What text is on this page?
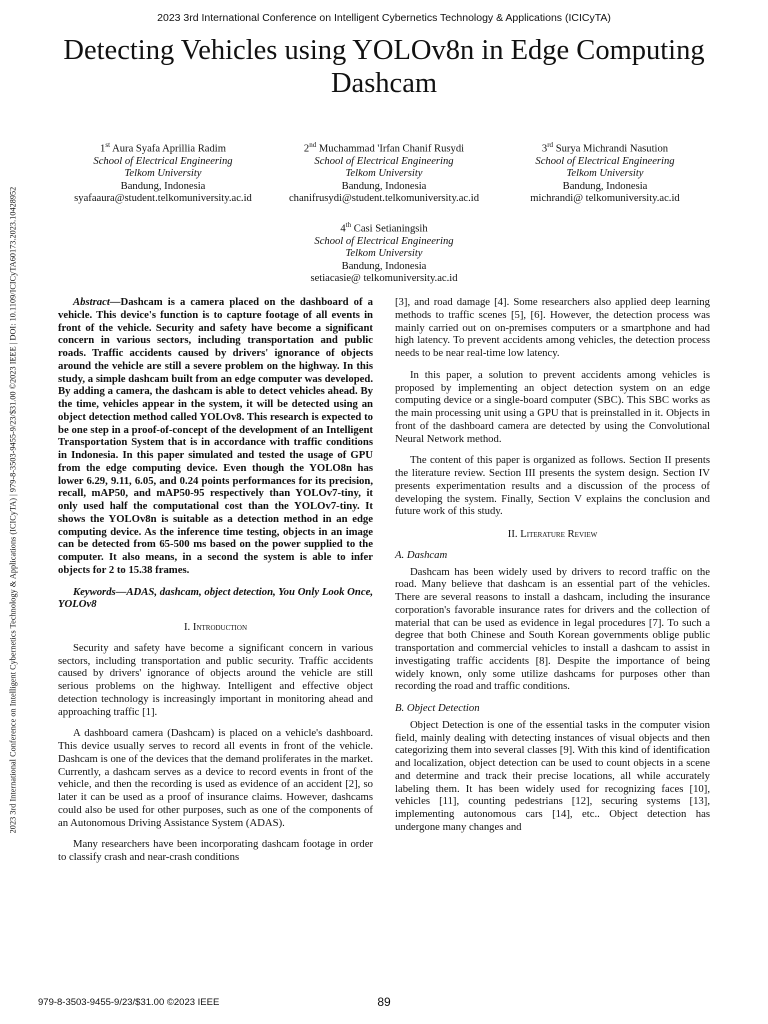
2023 3rd International Conference on Intelligent Cybernetics Technology & Applications (ICICyTA)
Detecting Vehicles using YOLOv8n in Edge Computing Dashcam
2023 3rd International Conference on Intelligent Cybernetics Technology & Applications (ICICyTA) | 979-8-3503-9455-9/23/$31.00 ©2023 IEEE | DOI: 10.1109/ICICyTA60173.2023.10428952
1st Aura Syafa Aprillia Radim
School of Electrical Engineering
Telkom University
Bandung, Indonesia
syafaaura@student.telkomuniversity.ac.id
2nd Muchammad 'Irfan Chanif Rusydi
School of Electrical Engineering
Telkom University
Bandung, Indonesia
chanifrusydi@student.telkomuniversity.ac.id
3rd Surya Michrandi Nasution
School of Electrical Engineering
Telkom University
Bandung, Indonesia
michrandi@ telkomuniversity.ac.id
4th Casi Setianingsih
School of Electrical Engineering
Telkom University
Bandung, Indonesia
setiacasie@ telkomuniversity.ac.id

Abstract—Dashcam is a camera placed on the dashboard of a vehicle. This device's function is to capture footage of all events in front of the vehicle. Security and safety have become a significant concern in various sectors, including transportation and public roads. Traffic accidents caused by drivers' ignorance of objects around the vehicle are still a severe problem on the highway. In this study, a simple dashcam built from an edge computer was developed. By adding a camera, the dashcam is able to detect vehicles ahead. By the time, vehicles appear in the system, it will be detected using an object detection method called YOLOv8. This research is expected to be one step in a proof-of-concept of the development of an Intelligent Transportation System that is in accordance with traffic conditions in Indonesia. In this paper simulated and tested the usage of GPU from the edge computing device. Even though the YOLO8n has lower 6.29, 9.11, 6.05, and 0.24 points performances for its precision, recall, mAP50, and mAP50-95 respectively than YOLOv7-tiny, it only used half the computational cost than the YOLOv7-tiny. It shows the YOLOv8n is suitable as a detection method in an edge computing device. As the inference time testing, objects in an image can be detected from 65-500 ms based on the power supplied to the computer. It also means, in a second the system is able to infer objects for 2 to 15.38 frames.

Keywords—ADAS, dashcam, object detection, You Only Look Once, YOLOv8

I. Introduction

Security and safety have become a significant concern in various sectors, including transportation and public security. Traffic accidents caused by drivers' ignorance of objects around the vehicle are still serious problems on the highway. Intelligent and effective object detection technology is increasingly important in monitoring ahead and approaching traffic [1].

A dashboard camera (Dashcam) is placed on a vehicle's dashboard. This device usually serves to record all events in front of the vehicle. Dashcam is one of the devices that the demand proliferates in the market. Currently, a dashcam serves as a device to record events in front of the vehicle, and then the recording is used as evidence of an accident [2], so later it can be used as a proof of insurance claims. However, dashcams could also be used for other purposes, such as one of the components of an Autonomous Driving Assistance System (ADAS).

Many researchers have been incorporating dashcam footage in order to classify crash and near-crash conditions

[3], and road damage [4]. Some researchers also applied deep learning methods to traffic scenes [5], [6]. However, the detection process was mainly carried out on on-premises computers or a smartphone and had high latency. To prevent accidents among vehicles, the detection process needs to be near real-time low latency.

In this paper, a solution to prevent accidents among vehicles is proposed by implementing an object detection system on an edge computing device or a single-board computer (SBC). This SBC works as the main processing unit using a GPU that is preinstalled in it. Objects in front of the dashboard camera are detected by using the Convolutional Neural Network method.

The content of this paper is organized as follows. Section II presents the literature review. Section III presents the system design. Section IV presents experimentation results and a discussion of the process of developing the system. Finally, Section V explains the conclusion and future work of this study.

II. Literature Review
A. Dashcam

Dashcam has been widely used by drivers to record traffic on the road. Many believe that dashcam is an essential part of the vehicles. There are several reasons to install a dashcam, including the insurance corporation's favorable insurance rates for drivers and the collection of material that can be used as evidence in legal procedures [7]. To such a degree that both Chinese and South Korean governments oblige public transportation and commercial vehicles to install a dashcam to assist in investigating traffic accidents [8]. Despite the importance of being widely known, only some utilize dashcams for purposes other than recording the road and traffic conditions.

B. Object Detection

Object Detection is one of the essential tasks in the computer vision field, mainly dealing with detecting instances of visual objects and then categorizing them into several classes [9]. With this kind of identification and localization, object detection can be used to count objects in a scene and determine and track their precise locations, all while accurately labeling them. It has been widely used for recognizing faces [10], vehicles [11], counting pedestrians [12], securing systems [13], implementing autonomous cars [14], etc.. Object detection has undergone many changes and

979-8-3503-9455-9/23/$31.00 ©2023 IEEE	89
